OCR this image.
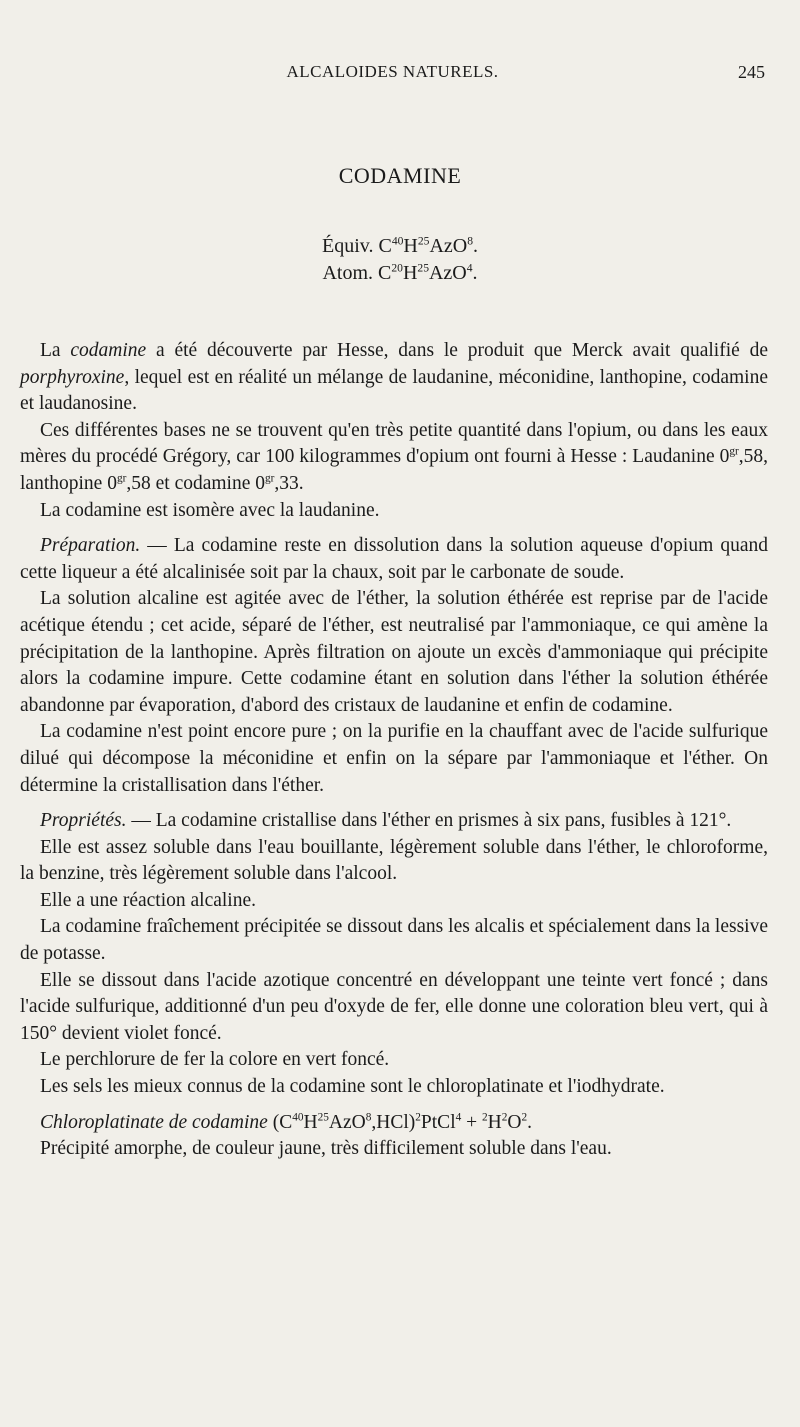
ALCALOIDES NATURELS.	245
CODAMINE
Équiv. $C^{40}H^{25}AzO^8$.
Atom. $C^{20}H^{25}AzO^4$.

La codamine a été découverte par Hesse, dans le produit que Merck avait qualifié de porphyroxine, lequel est en réalité un mélange de laudanine, méconidine, lanthopine, codamine et laudanosine.

Ces différentes bases ne se trouvent qu'en très petite quantité dans l'opium, ou dans les eaux mères du procédé Grégory, car 100 kilogrammes d'opium ont fourni à Hesse : Laudanine $0^{gr},58$, lanthopine $0^{gr},58$ et codamine $0^{gr},33$.

La codamine est isomère avec la laudanine.

Préparation. — La codamine reste en dissolution dans la solution aqueuse d'opium quand cette liqueur a été alcalinisée soit par la chaux, soit par le carbonate de soude.

La solution alcaline est agitée avec de l'éther, la solution éthérée est reprise par de l'acide acétique étendu ; cet acide, séparé de l'éther, est neutralisé par l'ammoniaque, ce qui amène la précipitation de la lanthopine. Après filtration on ajoute un excès d'ammoniaque qui précipite alors la codamine impure. Cette codamine étant en solution dans l'éther la solution éthérée abandonne par évaporation, d'abord des cristaux de laudanine et enfin de codamine.

La codamine n'est point encore pure ; on la purifie en la chauffant avec de l'acide sulfurique dilué qui décompose la méconidine et enfin on la sépare par l'ammoniaque et l'éther. On détermine la cristallisation dans l'éther.

Propriétés. — La codamine cristallise dans l'éther en prismes à six pans, fusibles à 121°.

Elle est assez soluble dans l'eau bouillante, légèrement soluble dans l'éther, le chloroforme, la benzine, très légèrement soluble dans l'alcool.

Elle a une réaction alcaline.

La codamine fraîchement précipitée se dissout dans les alcalis et spécialement dans la lessive de potasse.

Elle se dissout dans l'acide azotique concentré en développant une teinte vert foncé ; dans l'acide sulfurique, additionné d'un peu d'oxyde de fer, elle donne une coloration bleu vert, qui à 150° devient violet foncé.

Le perchlorure de fer la colore en vert foncé.

Les sels les mieux connus de la codamine sont le chloroplatinate et l'iodhydrate.

Chloroplatinate de codamine $(C^{40}H^{25}AzO^8,HCl)^2PtCl^4 + ^2H^2O^2$.

Précipité amorphe, de couleur jaune, très difficilement soluble dans l'eau.
